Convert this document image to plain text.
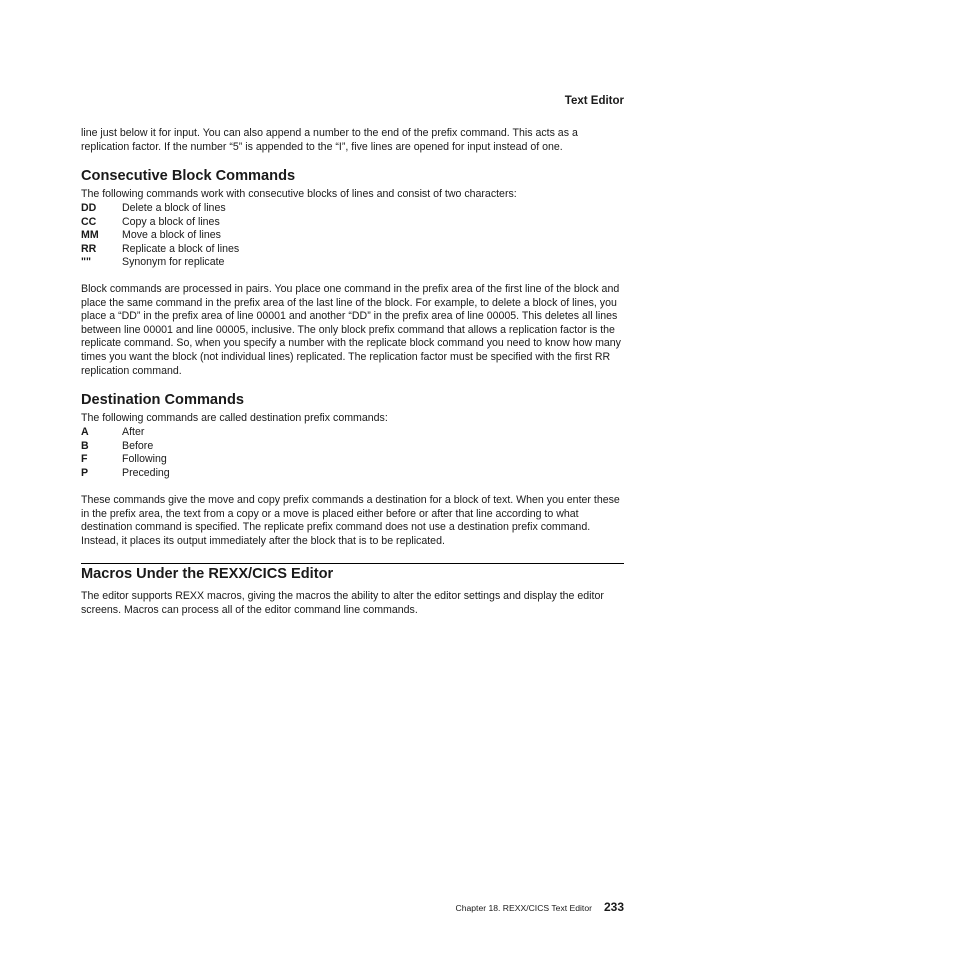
Text Editor

line just below it for input. You can also append a number to the end of the prefix command. This acts as a replication factor. If the number “5” is appended to the “I”, five lines are opened for input instead of one.

Consecutive Block Commands

The following commands work with consecutive blocks of lines and consist of two characters:

DD	Delete a block of lines
CC	Copy a block of lines
MM	Move a block of lines
RR	Replicate a block of lines
""	Synonym for replicate

Block commands are processed in pairs. You place one command in the prefix area of the first line of the block and place the same command in the prefix area of the last line of the block. For example, to delete a block of lines, you place a “DD” in the prefix area of line 00001 and another “DD” in the prefix area of line 00005. This deletes all lines between line 00001 and line 00005, inclusive. The only block prefix command that allows a replication factor is the replicate command. So, when you specify a number with the replicate block command you need to know how many times you want the block (not individual lines) replicated. The replication factor must be specified with the first RR replication command.

Destination Commands

The following commands are called destination prefix commands:

A	After
B	Before
F	Following
P	Preceding

These commands give the move and copy prefix commands a destination for a block of text. When you enter these in the prefix area, the text from a copy or a move is placed either before or after that line according to what destination command is specified. The replicate prefix command does not use a destination prefix command. Instead, it places its output immediately after the block that is to be replicated.

Macros Under the REXX/CICS Editor

The editor supports REXX macros, giving the macros the ability to alter the editor settings and display the editor screens. Macros can process all of the editor command line commands.

Chapter 18. REXX/CICS Text Editor 233
